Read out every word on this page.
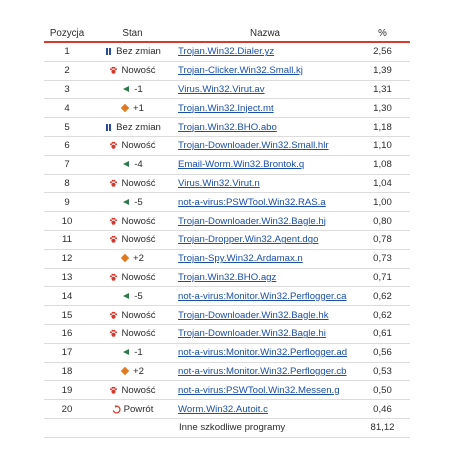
Pozycja	Stan	Nazwa	%
1	Bez zmian	Trojan.Win32.Dialer.yz	2,56
2	Nowość	Trojan-Clicker.Win32.Small.kj	1,39
3	-1	Virus.Win32.Virut.av	1,31
4	+1	Trojan.Win32.Inject.mt	1,30
5	Bez zmian	Trojan.Win32.BHO.abo	1,18
6	Nowość	Trojan-Downloader.Win32.Small.hlr	1,10
7	-4	Email-Worm.Win32.Brontok.q	1,08
8	Nowość	Virus.Win32.Virut.n	1,04
9	-5	not-a-virus:PSWTool.Win32.RAS.a	1,00
10	Nowość	Trojan-Downloader.Win32.Bagle.hj	0,80
11	Nowość	Trojan-Dropper.Win32.Agent.dgo	0,78
12	+2	Trojan-Spy.Win32.Ardamax.n	0,73
13	Nowość	Trojan.Win32.BHO.agz	0,71
14	-5	not-a-virus:Monitor.Win32.Perflogger.ca	0,62
15	Nowość	Trojan-Downloader.Win32.Bagle.hk	0,62
16	Nowość	Trojan-Downloader.Win32.Bagle.hi	0,61
17	-1	not-a-virus:Monitor.Win32.Perflogger.ad	0,56
18	+2	not-a-virus:Monitor.Win32.Perflogger.cb	0,53
19	Nowość	not-a-virus:PSWTool.Win32.Messen.g	0,50
20	Powrót	Worm.Win32.Autoit.c	0,46
		Inne szkodliwe programy	81,12
